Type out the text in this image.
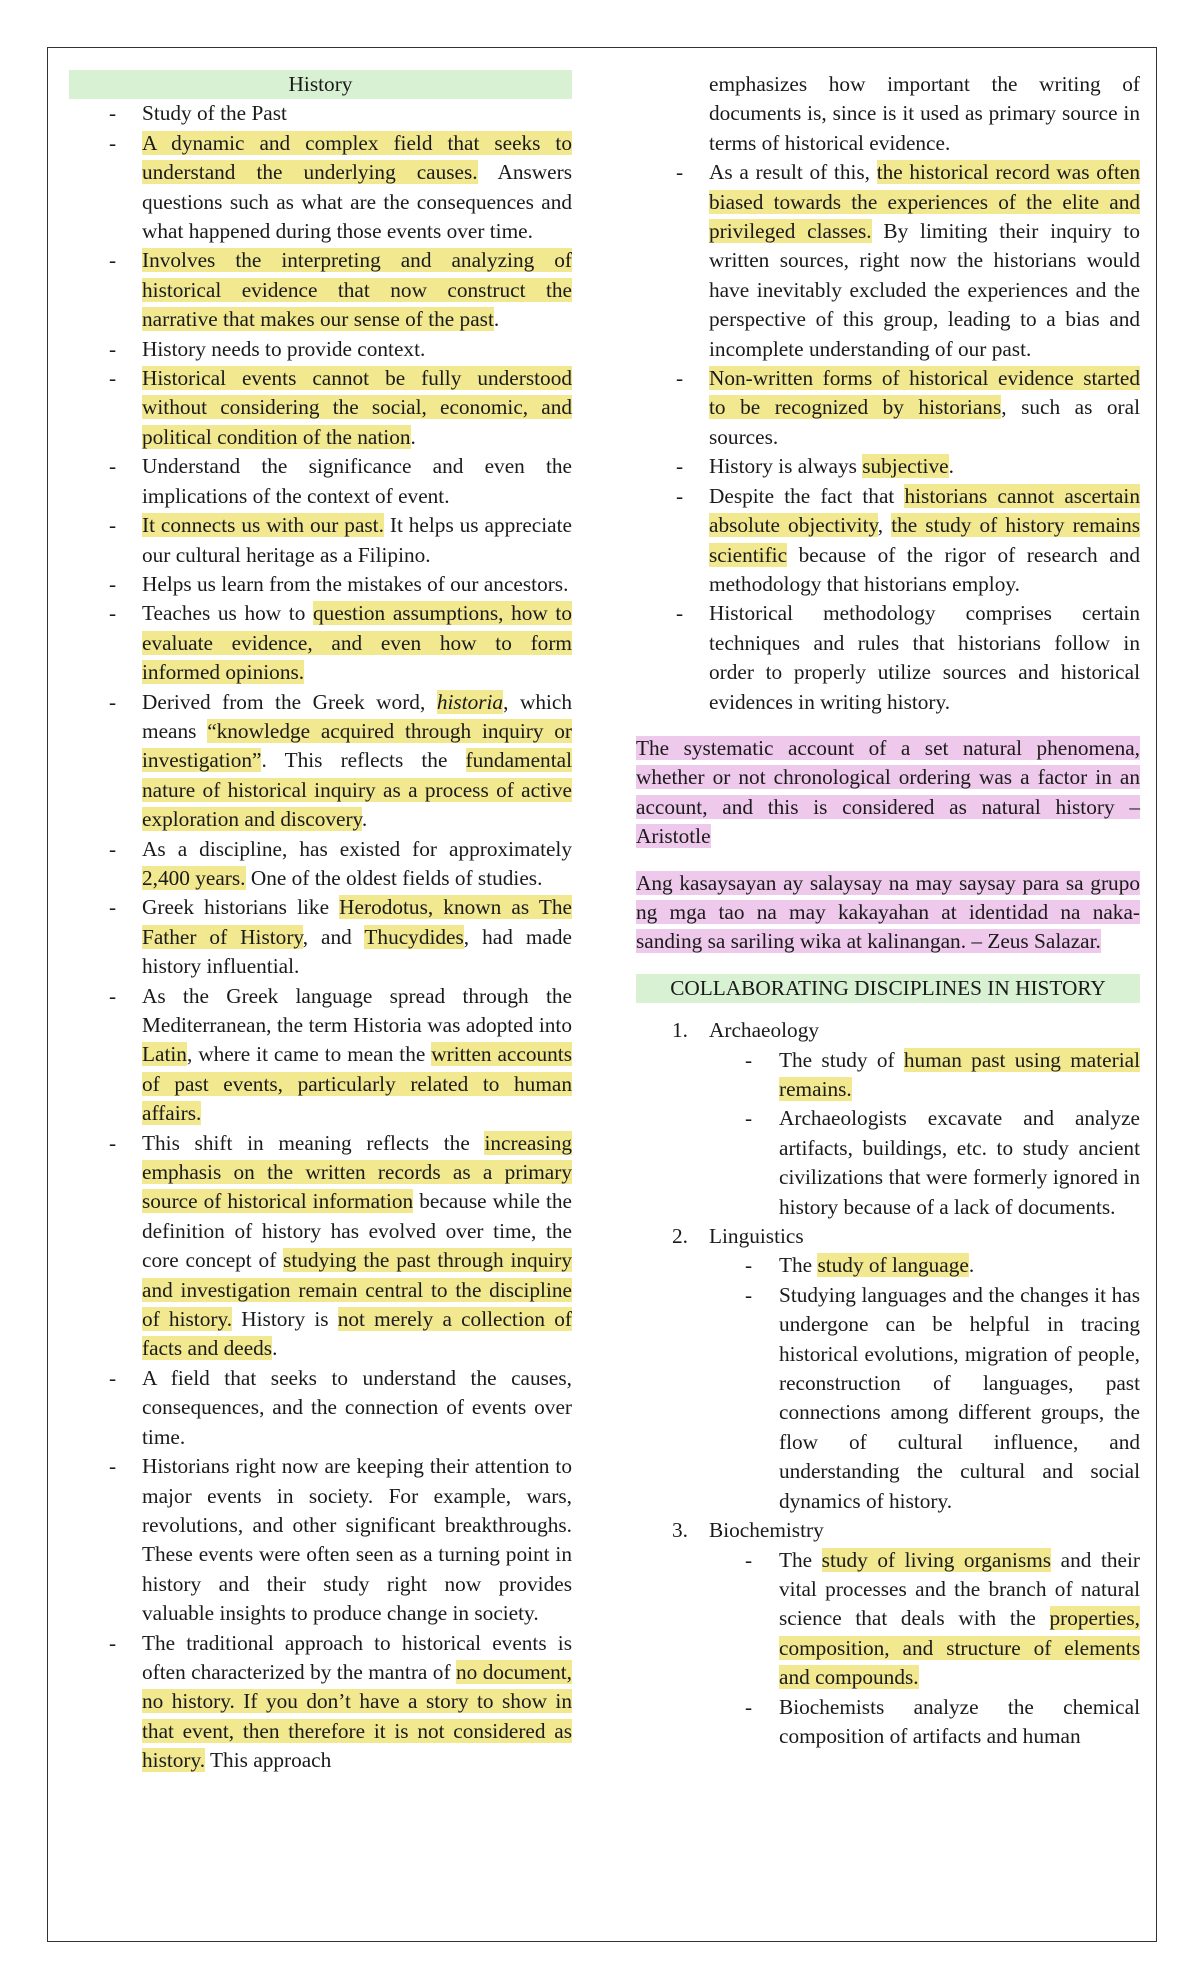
History
- Study of the Past
- A dynamic and complex field that seeks to understand the underlying causes. Answers questions such as what are the consequences and what happened during those events over time.
- Involves the interpreting and analyzing of historical evidence that now construct the narrative that makes our sense of the past.
- History needs to provide context.
- Historical events cannot be fully understood without considering the social, economic, and political condition of the nation.
- Understand the significance and even the implications of the context of event.
- It connects us with our past. It helps us appreciate our cultural heritage as a Filipino.
- Helps us learn from the mistakes of our ancestors.
- Teaches us how to question assumptions, how to evaluate evidence, and even how to form informed opinions.
- Derived from the Greek word, historia, which means “knowledge acquired through inquiry or investigation”. This reflects the fundamental nature of historical inquiry as a process of active exploration and discovery.
- As a discipline, has existed for approximately 2,400 years. One of the oldest fields of studies.
- Greek historians like Herodotus, known as The Father of History, and Thucydides, had made history influential.
- As the Greek language spread through the Mediterranean, the term Historia was adopted into Latin, where it came to mean the written accounts of past events, particularly related to human affairs.
- This shift in meaning reflects the increasing emphasis on the written records as a primary source of historical information because while the definition of history has evolved over time, the core concept of studying the past through inquiry and investigation remain central to the discipline of history. History is not merely a collection of facts and deeds.
- A field that seeks to understand the causes, consequences, and the connection of events over time.
- Historians right now are keeping their attention to major events in society. For example, wars, revolutions, and other significant breakthroughs. These events were often seen as a turning point in history and their study right now provides valuable insights to produce change in society.
- The traditional approach to historical events is often characterized by the mantra of no document, no history. If you don’t have a story to show in that event, then therefore it is not considered as history. This approach
emphasizes how important the writing of documents is, since is it used as primary source in terms of historical evidence.
- As a result of this, the historical record was often biased towards the experiences of the elite and privileged classes. By limiting their inquiry to written sources, right now the historians would have inevitably excluded the experiences and the perspective of this group, leading to a bias and incomplete understanding of our past.
- Non-written forms of historical evidence started to be recognized by historians, such as oral sources.
- History is always subjective.
- Despite the fact that historians cannot ascertain absolute objectivity, the study of history remains scientific because of the rigor of research and methodology that historians employ.
- Historical methodology comprises certain techniques and rules that historians follow in order to properly utilize sources and historical evidences in writing history.

The systematic account of a set natural phenomena, whether or not chronological ordering was a factor in an account, and this is considered as natural history – Aristotle

Ang kasaysayan ay salaysay na may saysay para sa grupo ng mga tao na may kakayahan at identidad na naka-sanding sa sariling wika at kalinangan. – Zeus Salazar.

COLLABORATING DISCIPLINES IN HISTORY
1. Archaeology
- The study of human past using material remains.
- Archaeologists excavate and analyze artifacts, buildings, etc. to study ancient civilizations that were formerly ignored in history because of a lack of documents.
2. Linguistics
- The study of language.
- Studying languages and the changes it has undergone can be helpful in tracing historical evolutions, migration of people, reconstruction of languages, past connections among different groups, the flow of cultural influence, and understanding the cultural and social dynamics of history.
3. Biochemistry
- The study of living organisms and their vital processes and the branch of natural science that deals with the properties, composition, and structure of elements and compounds.
- Biochemists analyze the chemical composition of artifacts and human
